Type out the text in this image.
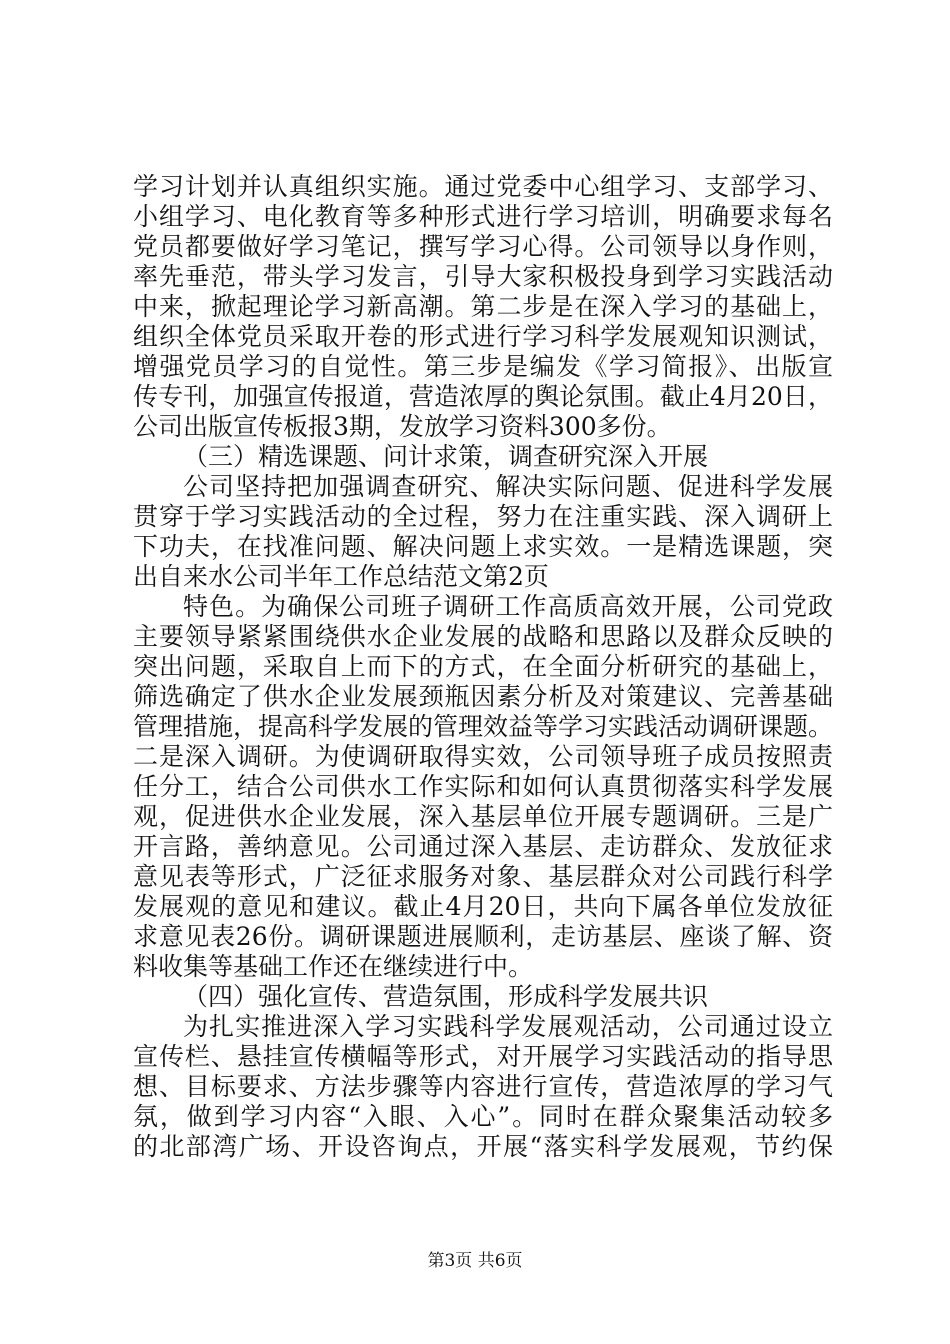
学习计划并认真组织实施。通过党委中心组学习、支部学习、
小组学习、电化教育等多种形式进行学习培训，明确要求每名
党员都要做好学习笔记，撰写学习心得。公司领导以身作则，
率先垂范，带头学习发言，引导大家积极投身到学习实践活动
中来，掀起理论学习新高潮。第二步是在深入学习的基础上，
组织全体党员采取开卷的形式进行学习科学发展观知识测试，
增强党员学习的自觉性。第三步是编发《学习简报》、出版宣
传专刊，加强宣传报道，营造浓厚的舆论氛围。截止4月20日，
公司出版宣传板报3期，发放学习资料300多份。
（三）精选课题、问计求策，调查研究深入开展
公司坚持把加强调查研究、解决实际问题、促进科学发展
贯穿于学习实践活动的全过程，努力在注重实践、深入调研上
下功夫，在找准问题、解决问题上求实效。一是精选课题，突
出自来水公司半年工作总结范文第2页
特色。为确保公司班子调研工作高质高效开展，公司党政
主要领导紧紧围绕供水企业发展的战略和思路以及群众反映的
突出问题，采取自上而下的方式，在全面分析研究的基础上，
筛选确定了供水企业发展颈瓶因素分析及对策建议、完善基础
管理措施，提高科学发展的管理效益等学习实践活动调研课题。
二是深入调研。为使调研取得实效，公司领导班子成员按照责
任分工，结合公司供水工作实际和如何认真贯彻落实科学发展
观，促进供水企业发展，深入基层单位开展专题调研。三是广
开言路，善纳意见。公司通过深入基层、走访群众、发放征求
意见表等形式，广泛征求服务对象、基层群众对公司践行科学
发展观的意见和建议。截止4月20日，共向下属各单位发放征
求意见表26份。调研课题进展顺利，走访基层、座谈了解、资
料收集等基础工作还在继续进行中。
（四）强化宣传、营造氛围，形成科学发展共识
为扎实推进深入学习实践科学发展观活动，公司通过设立
宣传栏、悬挂宣传横幅等形式，对开展学习实践活动的指导思
想、目标要求、方法步骤等内容进行宣传，营造浓厚的学习气
氛，做到学习内容“入眼、入心”。同时在群众聚集活动较多
的北部湾广场、开设咨询点，开展“落实科学发展观，节约保
第3页 共6页
